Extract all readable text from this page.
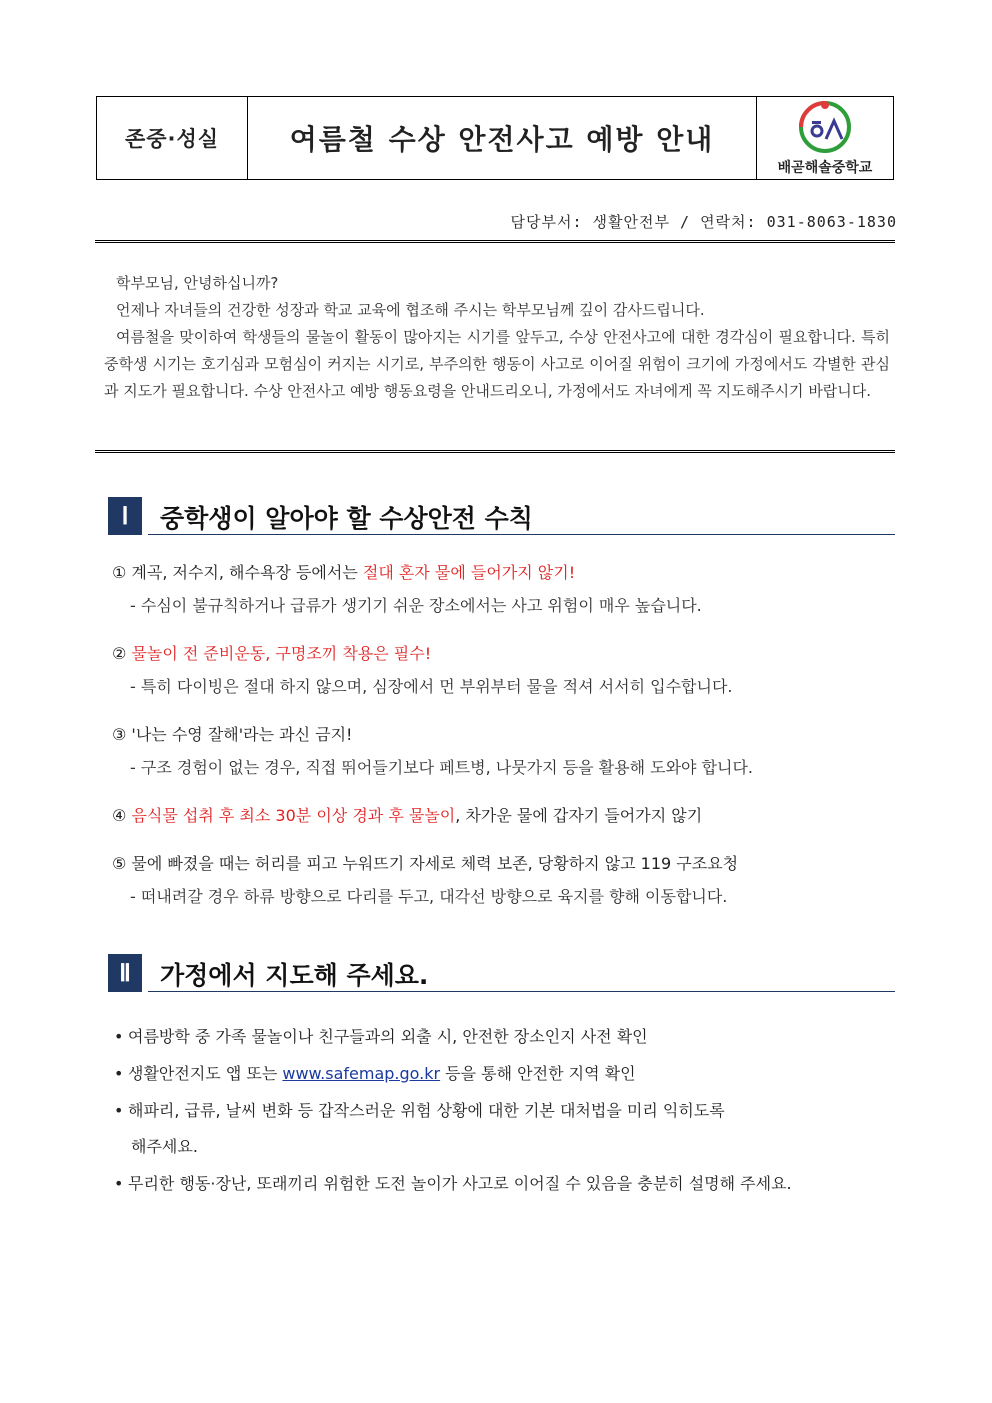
존중·성실	여름철 수상 안전사고 예방 안내
배곧해솔중학교
담당부서: 생활안전부 / 연락처: 031-8063-1830

학부모님, 안녕하십니까?

언제나 자녀들의 건강한 성장과 학교 교육에 협조해 주시는 학부모님께 깊이 감사드립니다.

여름철을 맞이하여 학생들의 물놀이 활동이 많아지는 시기를 앞두고, 수상 안전사고에 대한 경각심이 필요합니다. 특히 중학생 시기는 호기심과 모험심이 커지는 시기로, 부주의한 행동이 사고로 이어질 위험이 크기에 가정에서도 각별한 관심과 지도가 필요합니다. 수상 안전사고 예방 행동요령을 안내드리오니, 가정에서도 자녀에게 꼭 지도해주시기 바랍니다.

Ⅰ	중학생이 알아야 할 수상안전 수칙
① 계곡, 저수지, 해수욕장 등에서는 절대 혼자 물에 들어가지 않기!
- 수심이 불규칙하거나 급류가 생기기 쉬운 장소에서는 사고 위험이 매우 높습니다.
② 물놀이 전 준비운동, 구명조끼 착용은 필수!
- 특히 다이빙은 절대 하지 않으며, 심장에서 먼 부위부터 물을 적셔 서서히 입수합니다.
③ '나는 수영 잘해'라는 과신 금지!
- 구조 경험이 없는 경우, 직접 뛰어들기보다 페트병, 나뭇가지 등을 활용해 도와야 합니다.
④ 음식물 섭취 후 최소 30분 이상 경과 후 물놀이, 차가운 물에 갑자기 들어가지 않기
⑤ 물에 빠졌을 때는 허리를 피고 누워뜨기 자세로 체력 보존, 당황하지 않고 119 구조요청
- 떠내려갈 경우 하류 방향으로 다리를 두고, 대각선 방향으로 육지를 향해 이동합니다.
Ⅱ	가정에서 지도해 주세요.
• 여름방학 중 가족 물놀이나 친구들과의 외출 시, 안전한 장소인지 사전 확인
• 생활안전지도 앱 또는 www.safemap.go.kr 등을 통해 안전한 지역 확인
• 해파리, 급류, 날씨 변화 등 갑작스러운 위험 상황에 대한 기본 대처법을 미리 익히도록
해주세요.
• 무리한 행동·장난, 또래끼리 위험한 도전 놀이가 사고로 이어질 수 있음을 충분히 설명해 주세요.
